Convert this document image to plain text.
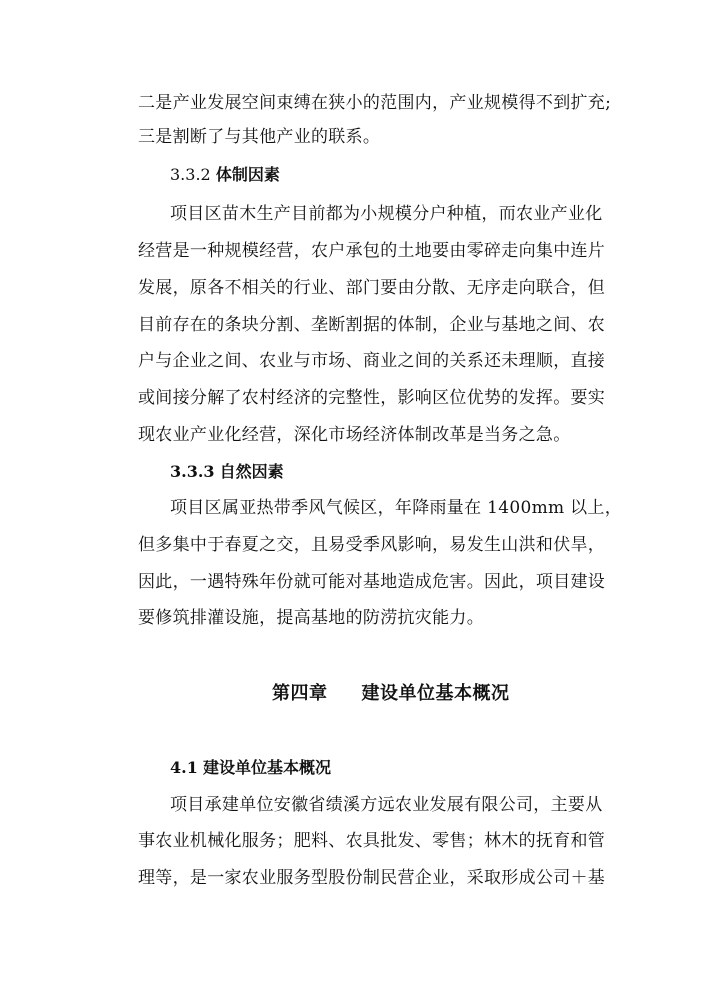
二是产业发展空间束缚在狭小的范围内，产业规模得不到扩充;
三是割断了与其他产业的联系。
3.3.2 体制因素
项目区苗木生产目前都为小规模分户种植，而农业产业化
经营是一种规模经营，农户承包的土地要由零碎走向集中连片
发展，原各不相关的行业、部门要由分散、无序走向联合，但
目前存在的条块分割、垄断割据的体制，企业与基地之间、农
户与企业之间、农业与市场、商业之间的关系还未理顺，直接
或间接分解了农村经济的完整性，影响区位优势的发挥。要实
现农业产业化经营，深化市场经济体制改革是当务之急。
3.3.3 自然因素
项目区属亚热带季风气候区，年降雨量在 1400mm 以上，
但多集中于春夏之交，且易受季风影响，易发生山洪和伏旱，
因此，一遇特殊年份就可能对基地造成危害。因此，项目建设
要修筑排灌设施，提高基地的防涝抗灾能力。
第四章 建设单位基本概况
4.1 建设单位基本概况
项目承建单位安徽省绩溪方远农业发展有限公司，主要从
事农业机械化服务；肥料、农具批发、零售；林木的抚育和管
理等，是一家农业服务型股份制民营企业，采取形成公司＋基
